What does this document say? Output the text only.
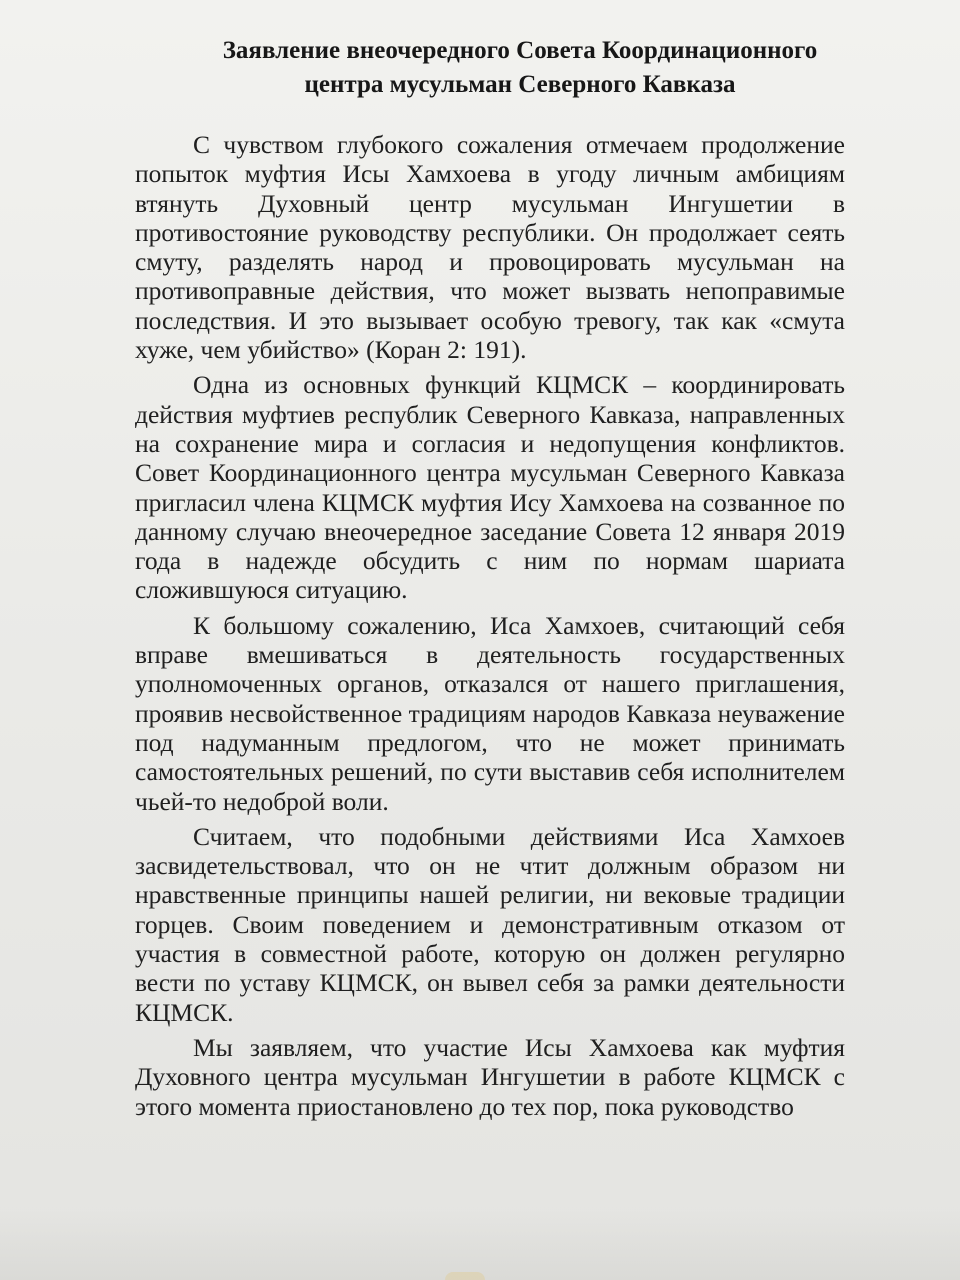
Заявление внеочередного Совета Координационного
центра мусульман Северного Кавказа

С чувством глубокого сожаления отмечаем продолжение попыток муфтия Исы Хамхоева в угоду личным амбициям втянуть Духовный центр мусульман Ингушетии в противостояние руководству республики. Он продолжает сеять смуту, разделять народ и провоцировать мусульман на противоправные действия, что может вызвать непоправимые последствия. И это вызывает особую тревогу, так как «смута хуже, чем убийство» (Коран 2: 191).

Одна из основных функций КЦМСК – координировать действия муфтиев республик Северного Кавказа, направленных на сохранение мира и согласия и недопущения конфликтов. Совет Координационного центра мусульман Северного Кавказа пригласил члена КЦМСК муфтия Ису Хамхоева на созванное по данному случаю внеочередное заседание Совета 12 января 2019 года в надежде обсудить с ним по нормам шариата сложившуюся ситуацию.

К большому сожалению, Иса Хамхоев, считающий себя вправе вмешиваться в деятельность государственных уполномоченных органов, отказался от нашего приглашения, проявив несвойственное традициям народов Кавказа неуважение под надуманным предлогом, что не может принимать самостоятельных решений, по сути выставив себя исполнителем чьей-то недоброй воли.

Считаем, что подобными действиями Иса Хамхоев засвидетельствовал, что он не чтит должным образом ни нравственные принципы нашей религии, ни вековые традиции горцев. Своим поведением и демонстративным отказом от участия в совместной работе, которую он должен регулярно вести по уставу КЦМСК, он вывел себя за рамки деятельности КЦМСК.

Мы заявляем, что участие Исы Хамхоева как муфтия Духовного центра мусульман Ингушетии в работе КЦМСК с этого момента приостановлено до тех пор, пока руководство
